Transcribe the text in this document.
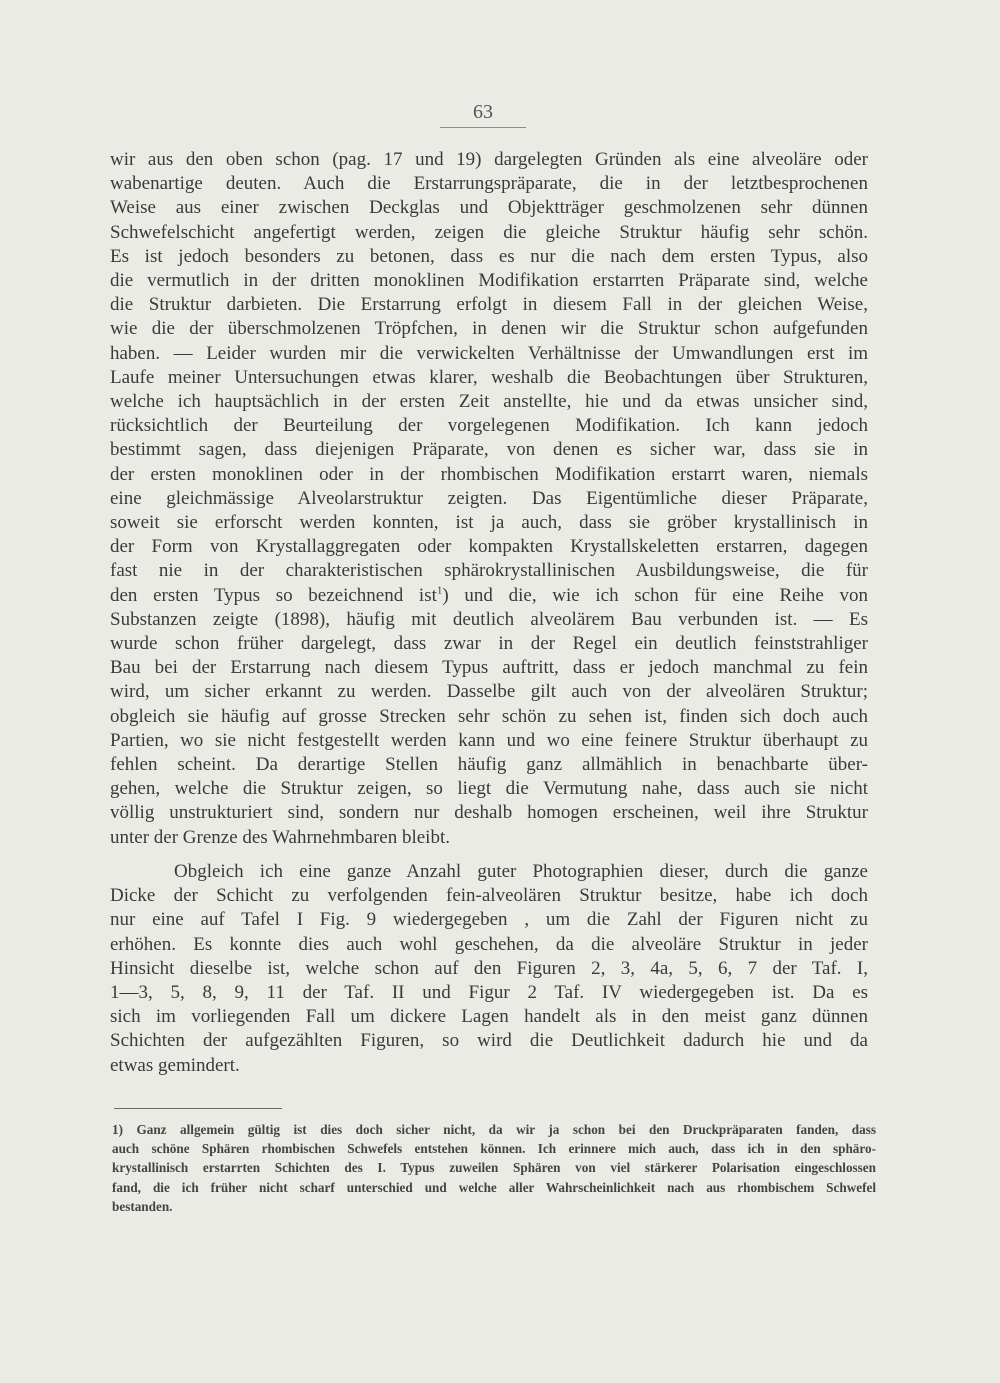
63

wir aus den oben schon (pag. 17 und 19) dargelegten Gründen als eine alveoläre oder
wabenartige deuten. Auch die Erstarrungspräparate, die in der letztbesprochenen
Weise aus einer zwischen Deckglas und Objektträger geschmolzenen sehr dünnen
Schwefelschicht angefertigt werden, zeigen die gleiche Struktur häufig sehr schön.
Es ist jedoch besonders zu betonen, dass es nur die nach dem ersten Typus, also
die vermutlich in der dritten monoklinen Modifikation erstarrten Präparate sind, welche
die Struktur darbieten. Die Erstarrung erfolgt in diesem Fall in der gleichen Weise,
wie die der überschmolzenen Tröpfchen, in denen wir die Struktur schon aufgefunden
haben. — Leider wurden mir die verwickelten Verhältnisse der Umwandlungen erst im
Laufe meiner Untersuchungen etwas klarer, weshalb die Beobachtungen über Strukturen,
welche ich hauptsächlich in der ersten Zeit anstellte, hie und da etwas unsicher sind,
rücksichtlich der Beurteilung der vorgelegenen Modifikation. Ich kann jedoch
bestimmt sagen, dass diejenigen Präparate, von denen es sicher war, dass sie in
der ersten monoklinen oder in der rhombischen Modifikation erstarrt waren, niemals
eine gleichmässige Alveolarstruktur zeigten. Das Eigentümliche dieser Präparate,
soweit sie erforscht werden konnten, ist ja auch, dass sie gröber krystallinisch in
der Form von Krystallaggregaten oder kompakten Krystallskeletten erstarren, dagegen
fast nie in der charakteristischen sphärokrystallinischen Ausbildungsweise, die für
den ersten Typus so bezeichnend ist$^1$) und die, wie ich schon für eine Reihe von
Substanzen zeigte (1898), häufig mit deutlich alveolärem Bau verbunden ist. — Es
wurde schon früher dargelegt, dass zwar in der Regel ein deutlich feinststrahliger
Bau bei der Erstarrung nach diesem Typus auftritt, dass er jedoch manchmal zu fein
wird, um sicher erkannt zu werden. Dasselbe gilt auch von der alveolären Struktur;
obgleich sie häufig auf grosse Strecken sehr schön zu sehen ist, finden sich doch auch
Partien, wo sie nicht festgestellt werden kann und wo eine feinere Struktur überhaupt zu
fehlen scheint. Da derartige Stellen häufig ganz allmählich in benachbarte über-
gehen, welche die Struktur zeigen, so liegt die Vermutung nahe, dass auch sie nicht
völlig unstrukturiert sind, sondern nur deshalb homogen erscheinen, weil ihre Struktur
unter der Grenze des Wahrnehmbaren bleibt.

Obgleich ich eine ganze Anzahl guter Photographien dieser, durch die ganze
Dicke der Schicht zu verfolgenden fein-alveolären Struktur besitze, habe ich doch
nur eine auf Tafel I Fig. 9 wiedergegeben , um die Zahl der Figuren nicht zu
erhöhen. Es konnte dies auch wohl geschehen, da die alveoläre Struktur in jeder
Hinsicht dieselbe ist, welche schon auf den Figuren 2, 3, 4a, 5, 6, 7 der Taf. I,
1—3, 5, 8, 9, 11 der Taf. II und Figur 2 Taf. IV wiedergegeben ist. Da es
sich im vorliegenden Fall um dickere Lagen handelt als in den meist ganz dünnen
Schichten der aufgezählten Figuren, so wird die Deutlichkeit dadurch hie und da
etwas gemindert.

1) Ganz allgemein gültig ist dies doch sicher nicht, da wir ja schon bei den Druckpräparaten fanden, dass
auch schöne Sphären rhombischen Schwefels entstehen können. Ich erinnere mich auch, dass ich in den sphäro-
krystallinisch erstarrten Schichten des I. Typus zuweilen Sphären von viel stärkerer Polarisation eingeschlossen
fand, die ich früher nicht scharf unterschied und welche aller Wahrscheinlichkeit nach aus rhombischem Schwefel
bestanden.
